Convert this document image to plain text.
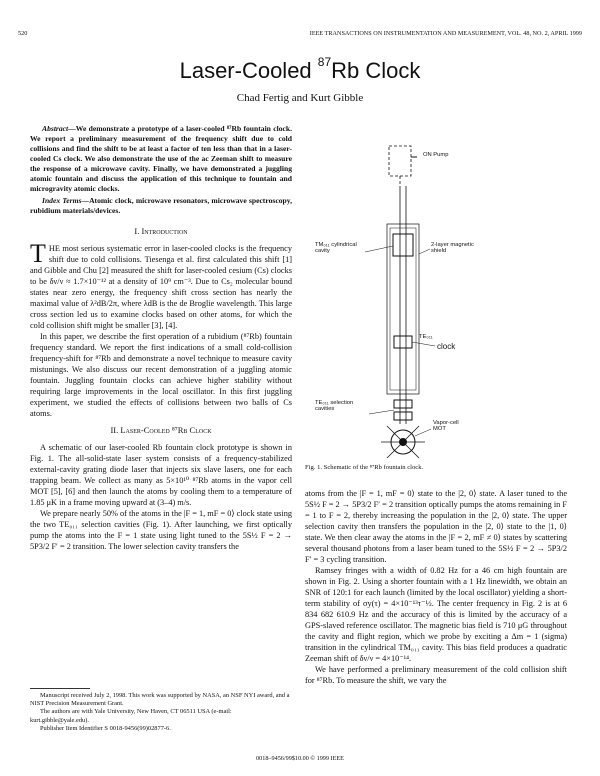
520	IEEE TRANSACTIONS ON INSTRUMENTATION AND MEASUREMENT, VOL. 48, NO. 2, APRIL 1999
Laser-Cooled $^{87}$Rb Clock
Chad Fertig and Kurt Gibble

Abstract—We demonstrate a prototype of a laser-cooled ⁸⁷Rb fountain clock. We report a preliminary measurement of the frequency shift due to cold collisions and find the shift to be at least a factor of ten less than that in a laser-cooled Cs clock. We also demonstrate the use of the ac Zeeman shift to measure the response of a microwave cavity. Finally, we have demonstrated a juggling atomic fountain and discuss the application of this technique to fountain and microgravity atomic clocks.

Index Terms—Atomic clock, microwave resonators, microwave spectroscopy, rubidium materials/devices.

I. Introduction

THE most serious systematic error in laser-cooled clocks is the frequency shift due to cold collisions. Tiesenga et al. first calculated this shift [1] and Gibble and Chu [2] measured the shift for laser-cooled cesium (Cs) clocks to be δν/ν ≈ 1.7×10⁻¹² at a density of 10⁹ cm⁻³. Due to Cs₂ molecular bound states near zero energy, the frequency shift cross section has nearly the maximal value of λ²dB/2π, where λdB is the de Broglie wavelength. This large cross section led us to examine clocks based on other atoms, for which the cold collision shift might be smaller [3], [4].

In this paper, we describe the first operation of a rubidium (⁸⁷Rb) fountain frequency standard. We report the first indications of a small cold-collision frequency-shift for ⁸⁷Rb and demonstrate a novel technique to measure cavity mistunings. We also discuss our recent demonstration of a juggling atomic fountain. Juggling fountain clocks can achieve higher stability without requiring large improvements in the local oscillator. In this first juggling experiment, we studied the effects of collisions between two balls of Cs atoms.

II. Laser-Cooled ⁸⁷Rb Clock

A schematic of our laser-cooled Rb fountain clock prototype is shown in Fig. 1. The all-solid-state laser system consists of a frequency-stabilized external-cavity grating diode laser that injects six slave lasers, one for each trapping beam. We collect as many as 5×10¹⁰ ⁸⁷Rb atoms in the vapor cell MOT [5], [6] and then launch the atoms by cooling them to a temperature of 1.85 μK in a frame moving upward at (3–4) m/s.

We prepare nearly 50% of the atoms in the |F = 1, mF = 0⟩ clock state using the two TE₀₁₁ selection cavities (Fig. 1). After launching, we first optically pump the atoms into the F = 1 state using light tuned to the 5S½ F = 2 → 5P3/2 F′ = 2 transition. The lower selection cavity transfers the

Manuscript received July 2, 1998. This work was supported by NASA, an NSF NYI award, and a NIST Precision Measurement Grant.

The authors are with Yale University, New Haven, CT 06511 USA (e-mail: kurt.gibble@yale.edu).

Publisher Item Identifier S 0018-9456(99)02877-6.

ON Pump
TM₀₁₁ cylindrical cavity
2-layer magnetic shield
TE₀₁₁
clock
TE₀₁₁ selection cavities
Vapor-cell MOT
Fig. 1. Schematic of the ⁸⁷Rb fountain clock.

atoms from the |F = 1, mF = 0⟩ state to the |2, 0⟩ state. A laser tuned to the 5S½ F = 2 → 5P3/2 F′ = 2 transition optically pumps the atoms remaining in F = 1 to F = 2, thereby increasing the population in the |2, 0⟩ state. The upper selection cavity then transfers the population in the |2, 0⟩ state to the |1, 0⟩ state. We then clear away the atoms in the |F = 2, mF ≠ 0⟩ states by scattering several thousand photons from a laser beam tuned to the 5S½ F = 2 → 5P3/2 F′ = 3 cycling transition.

Ramsey fringes with a width of 0.82 Hz for a 46 cm high fountain are shown in Fig. 2. Using a shorter fountain with a 1 Hz linewidth, we obtain an SNR of 120:1 for each launch (limited by the local oscillator) yielding a short-term stability of σy(τ) = 4×10⁻¹³τ⁻½. The center frequency in Fig. 2 is at 6 834 682 610.9 Hz and the accuracy of this is limited by the accuracy of a GPS-slaved reference oscillator. The magnetic bias field is 710 μG throughout the cavity and flight region, which we probe by exciting a Δm = 1 (sigma) transition in the cylindrical TM₀₁₁ cavity. This bias field produces a quadratic Zeeman shift of δν/ν = 4×10⁻¹⁴.

We have performed a preliminary measurement of the cold collision shift for ⁸⁷Rb. To measure the shift, we vary the

0018–9456/99$10.00 © 1999 IEEE
